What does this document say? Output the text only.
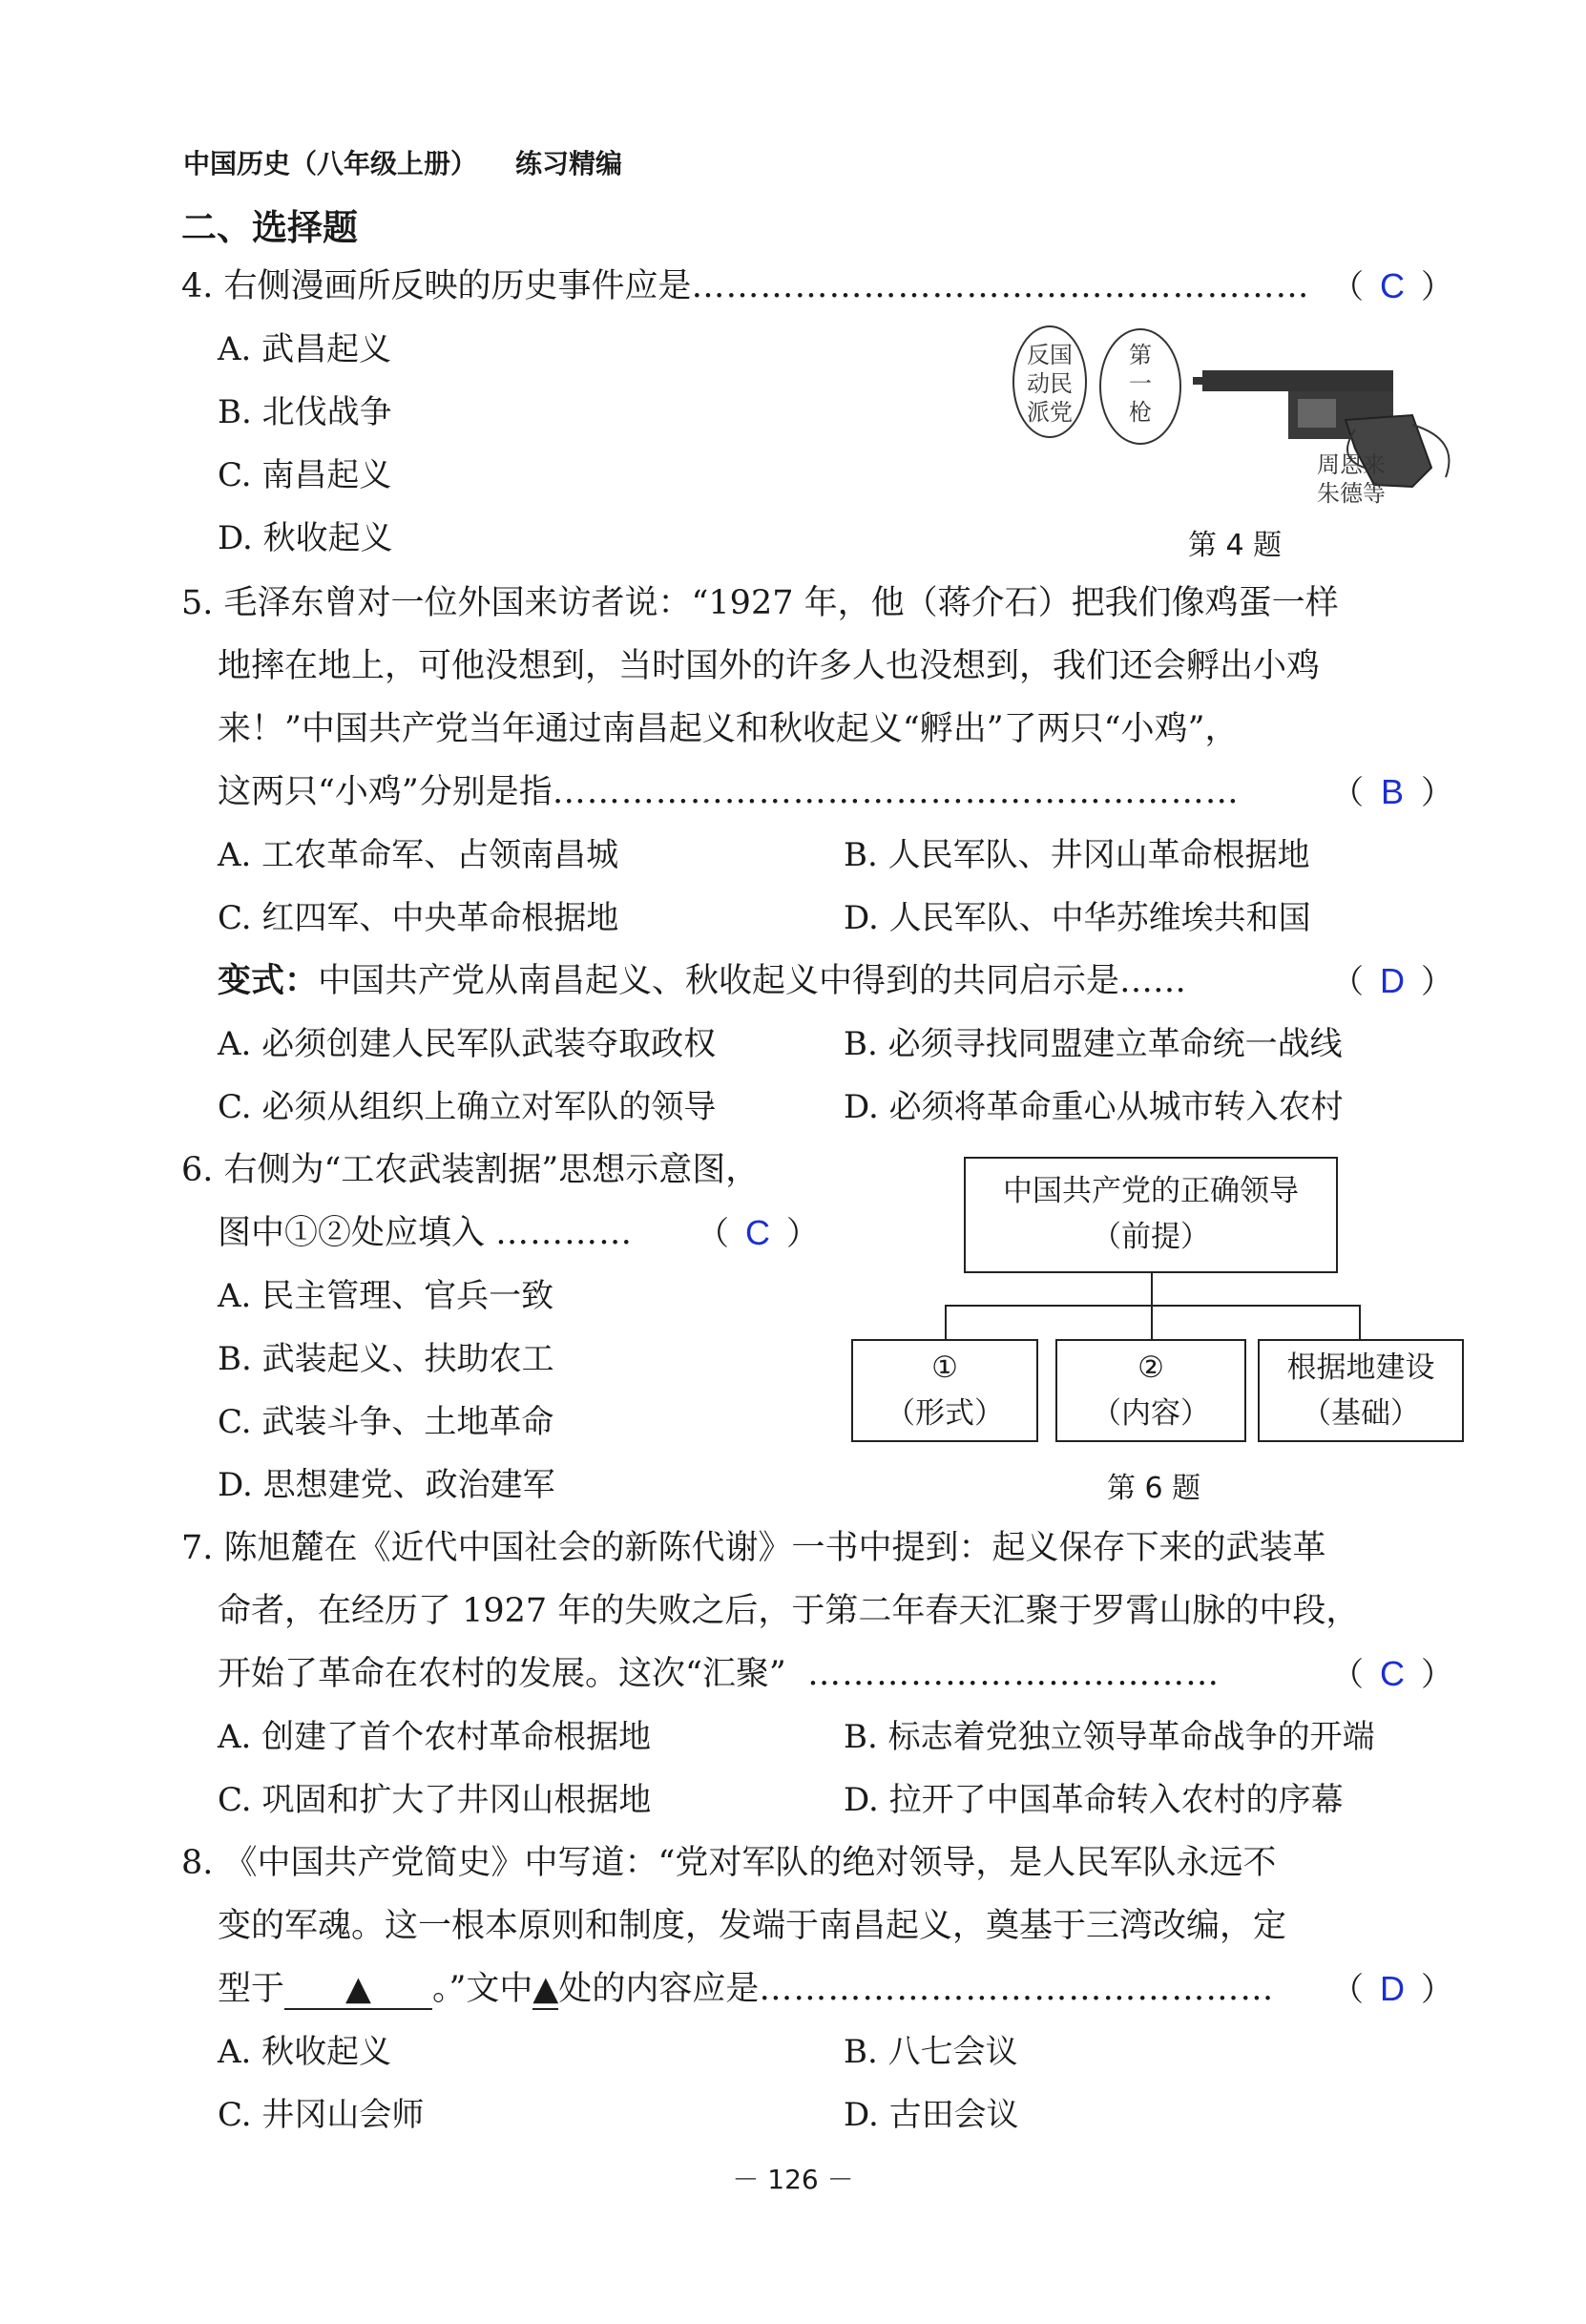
中国历史（八年级上册） 练习精编
二、选择题
4. 右侧漫画所反映的历史事件应是……………………………………………… （ C ）
A. 武昌起义
B. 北伐战争
C. 南昌起义
D. 秋收起义
反国
动民
派党
第
一
枪
周恩来
朱德等
第 4 题
5. 毛泽东曾对一位外国来访者说：“1927 年，他（蒋介石）把我们像鸡蛋一样
地摔在地上，可他没想到，当时国外的许多人也没想到，我们还会孵出小鸡
来！”中国共产党当年通过南昌起义和秋收起义“孵出”了两只“小鸡”，
这两只“小鸡”分别是指……………………………………………………	（ B ）
A. 工农革命军、占领南昌城	B. 人民军队、井冈山革命根据地
C. 红四军、中央革命根据地	D. 人民军队、中华苏维埃共和国
变式：中国共产党从南昌起义、秋收起义中得到的共同启示是……	（ D ）
A. 必须创建人民军队武装夺取政权	B. 必须寻找同盟建立革命统一战线
C. 必须从组织上确立对军队的领导	D. 必须将革命重心从城市转入农村
6. 右侧为“工农武装割据”思想示意图，
图中①②处应填入 ………… （ C ）
A. 民主管理、官兵一致
B. 武装起义、扶助农工
C. 武装斗争、土地革命
D. 思想建党、政治建军
中国共产党的正确领导
（前提）
①
（形式）
②
（内容）
根据地建设
（基础）
第 6 题
7. 陈旭麓在《近代中国社会的新陈代谢》一书中提到：起义保存下来的武装革
命者，在经历了 1927 年的失败之后，于第二年春天汇聚于罗霄山脉的中段，
开始了革命在农村的发展。这次“汇聚” ………………………………	（ C ）
A. 创建了首个农村革命根据地	B. 标志着党独立领导革命战争的开端
C. 巩固和扩大了井冈山根据地	D. 拉开了中国革命转入农村的序幕
8. 《中国共产党简史》中写道：“党对军队的绝对领导，是人民军队永远不
变的军魂。这一根本原则和制度，发端于南昌起义，奠基于三湾改编，定
型于 ▲ 。”文中▲处的内容应是……………………………………… （ D ）
A. 秋收起义	B. 八七会议
C. 井冈山会师	D. 古田会议
－ 126 －
